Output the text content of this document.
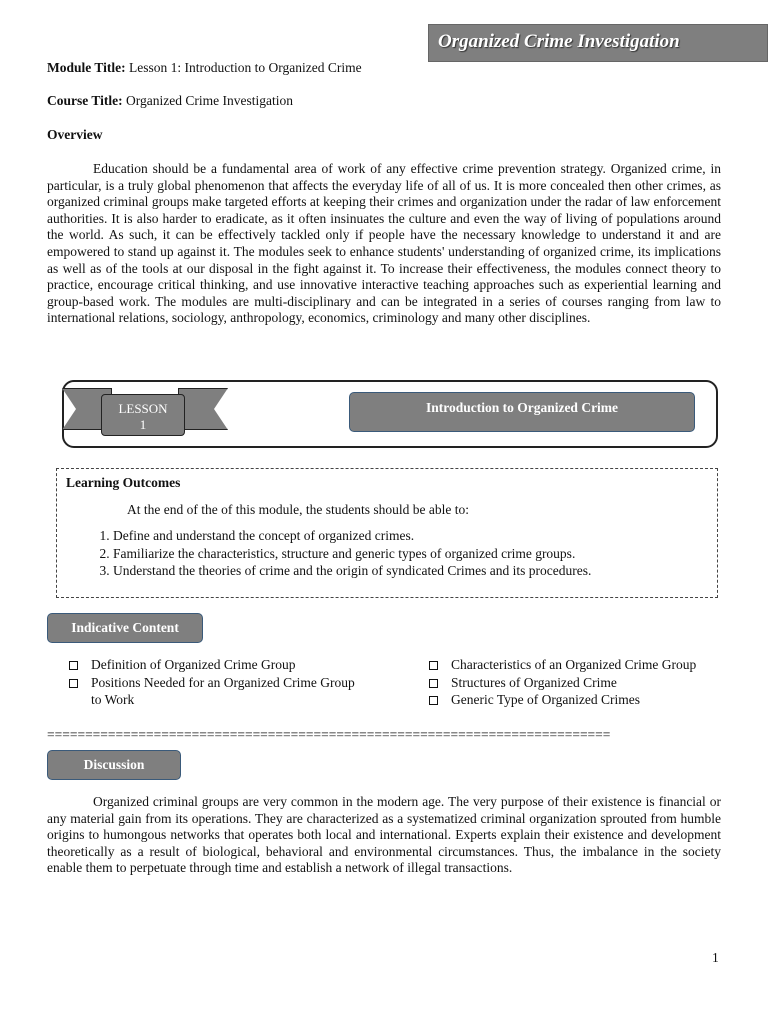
Organized Crime Investigation
Module Title: Lesson 1: Introduction to Organized Crime
Course Title: Organized Crime Investigation
Overview
Education should be a fundamental area of work of any effective crime prevention strategy. Organized crime, in particular, is a truly global phenomenon that affects the everyday life of all of us. It is more concealed then other crimes, as organized criminal groups make targeted efforts at keeping their crimes and organization under the radar of law enforcement authorities. It is also harder to eradicate, as it often insinuates the culture and even the way of living of populations around the world. As such, it can be effectively tackled only if people have the necessary knowledge to understand it and are empowered to stand up against it. The modules seek to enhance students' understanding of organized crime, its implications as well as of the tools at our disposal in the fight against it. To increase their effectiveness, the modules connect theory to practice, encourage critical thinking, and use innovative interactive teaching approaches such as experiential learning and group-based work. The modules are multi-disciplinary and can be integrated in a series of courses ranging from law to international relations, sociology, anthropology, economics, criminology and many other disciplines.
LESSON
1
Introduction to Organized Crime
Learning Outcomes
At the end of the of this module, the students should be able to:
1. Define and understand the concept of organized crimes.
2. Familiarize the characteristics, structure and generic types of organized crime groups.
3. Understand the theories of crime and the origin of syndicated Crimes and its procedures.
Indicative Content
Definition of Organized Crime Group
Positions Needed for an Organized Crime Group to Work
Characteristics of an Organized Crime Group
Structures of Organized Crime
Generic Type of Organized Crimes
==========================================================================
Discussion
Organized criminal groups are very common in the modern age. The very purpose of their existence is financial or any material gain from its operations. They are characterized as a systematized criminal organization sprouted from humble origins to humongous networks that operates both local and international. Experts explain their existence and development theoretically as a result of biological, behavioral and environmental circumstances. Thus, the imbalance in the society enable them to perpetuate through time and establish a network of illegal transactions.
1
